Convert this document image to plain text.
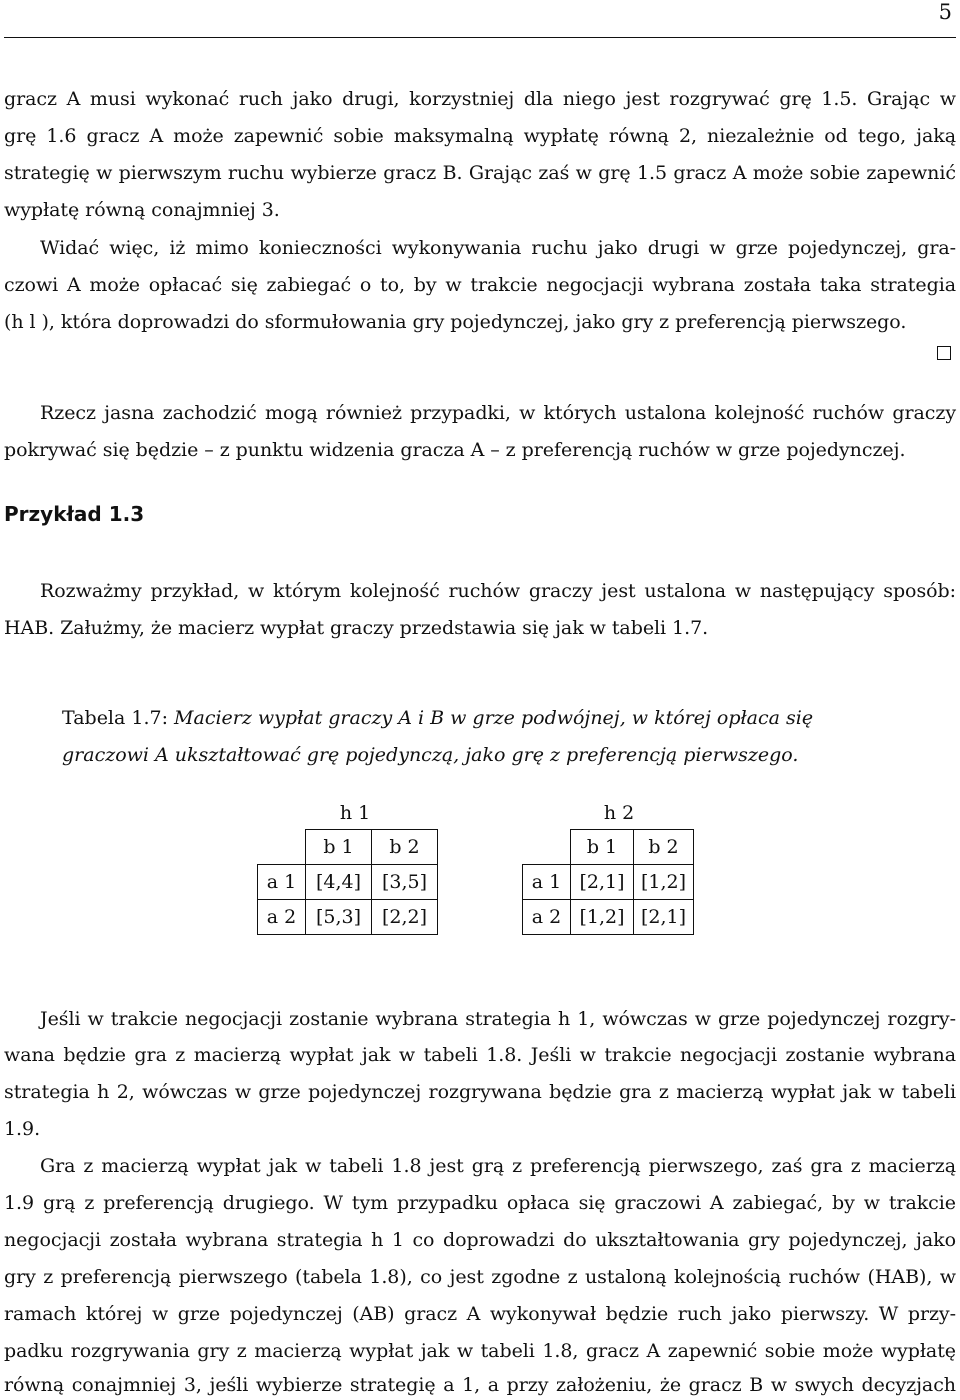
5
gracz A musi wykonać ruch jako drugi, korzystniej dla niego jest rozgrywać grę 1.5. Grając w
grę 1.6 gracz A może zapewnić sobie maksymalną wypłatę równą 2, niezależnie od tego, jaką
strategię w pierwszym ruchu wybierze gracz B. Grając zaś w grę 1.5 gracz A może sobie zapewnić
wypłatę równą conajmniej 3.
Widać więc, iż mimo konieczności wykonywania ruchu jako drugi w grze pojedynczej, gra-
czowi A może opłacać się zabiegać o to, by w trakcie negocjacji wybrana została taka strategia
(h l ), która doprowadzi do sformułowania gry pojedynczej, jako gry z preferencją pierwszego.
Rzecz jasna zachodzić mogą również przypadki, w których ustalona kolejność ruchów graczy
pokrywać się będzie – z punktu widzenia gracza A – z preferencją ruchów w grze pojedynczej.
Przykład 1.3
Rozważmy przykład, w którym kolejność ruchów graczy jest ustalona w następujący sposób:
HAB. Załużmy, że macierz wypłat graczy przedstawia się jak w tabeli 1.7.
Tabela 1.7: Macierz wypłat graczy A i B w grze podwójnej, w której opłaca się
graczowi A ukształtować grę pojedynczą, jako grę z preferencją pierwszego.
h 1
	b 1	b 2
a 1	[4,4]	[3,5]
a 2	[5,3]	[2,2]
h 2
	b 1	b 2
a 1	[2,1]	[1,2]
a 2	[1,2]	[2,1]
Jeśli w trakcie negocjacji zostanie wybrana strategia h 1, wówczas w grze pojedynczej rozgry-
wana będzie gra z macierzą wypłat jak w tabeli 1.8. Jeśli w trakcie negocjacji zostanie wybrana
strategia h 2, wówczas w grze pojedynczej rozgrywana będzie gra z macierzą wypłat jak w tabeli
1.9.
Gra z macierzą wypłat jak w tabeli 1.8 jest grą z preferencją pierwszego, zaś gra z macierzą
1.9 grą z preferencją drugiego. W tym przypadku opłaca się graczowi A zabiegać, by w trakcie
negocjacji została wybrana strategia h 1 co doprowadzi do ukształtowania gry pojedynczej, jako
gry z preferencją pierwszego (tabela 1.8), co jest zgodne z ustaloną kolejnością ruchów (HAB), w
ramach której w grze pojedynczej (AB) gracz A wykonywał będzie ruch jako pierwszy. W przy-
padku rozgrywania gry z macierzą wypłat jak w tabeli 1.8, gracz A zapewnić sobie może wypłatę
równą conajmniej 3, jeśli wybierze strategię a 1, a przy założeniu, że gracz B w swych decyzjach
